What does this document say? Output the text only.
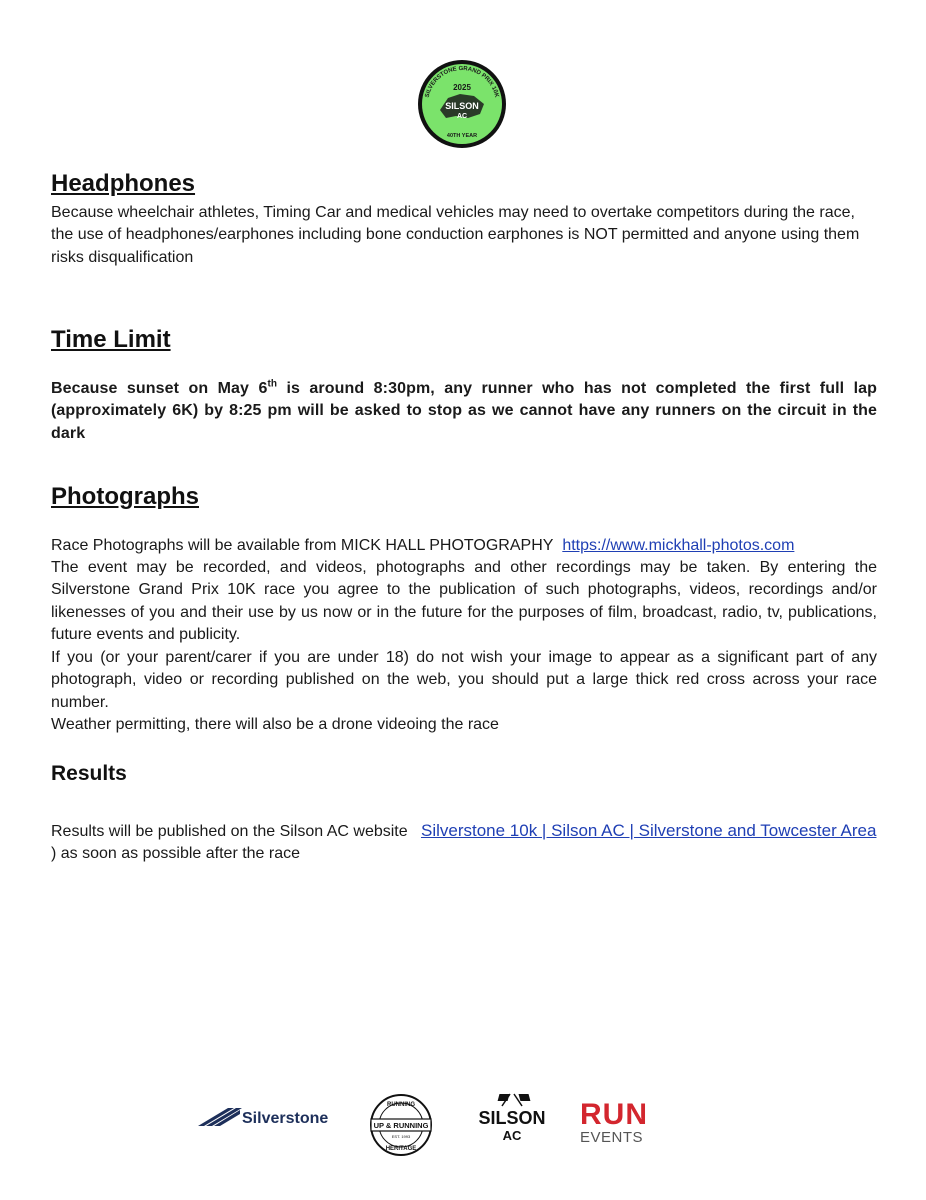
SILVERSTONE GRAND PRIX 10K
2025
SILSON
AC
40TH YEAR
Headphones

Because wheelchair athletes, Timing Car and medical vehicles may need to overtake competitors during the race, the use of headphones/earphones including bone conduction earphones is NOT permitted and anyone using them risks disqualification

Time Limit

Because sunset on May 6th is around 8:30pm, any runner who has not completed the first full lap (approximately 6K) by 8:25 pm will be asked to stop as we cannot have any runners on the circuit in the dark

Photographs

Race Photographs will be available from MICK HALL PHOTOGRAPHY https://www.mickhall-photos.com

The event may be recorded, and videos, photographs and other recordings may be taken. By entering the Silverstone Grand Prix 10K race you agree to the publication of such photographs, videos, recordings and/or likenesses of you and their use by us now or in the future for the purposes of film, broadcast, radio, tv, publications, future events and publicity.

If you (or your parent/carer if you are under 18) do not wish your image to appear as a significant part of any photograph, video or recording published on the web, you should put a large thick red cross across your race number.

Weather permitting, there will also be a drone videoing the race

Results

Results will be published on the Silson AC website Silverstone 10k | Silson AC | Silverstone and Towcester Area ) as soon as possible after the race

Silverstone
RUNNING
UP & RUNNING
EST. 1993
HERITAGE
SILSON
AC
RUN
EVENTS
